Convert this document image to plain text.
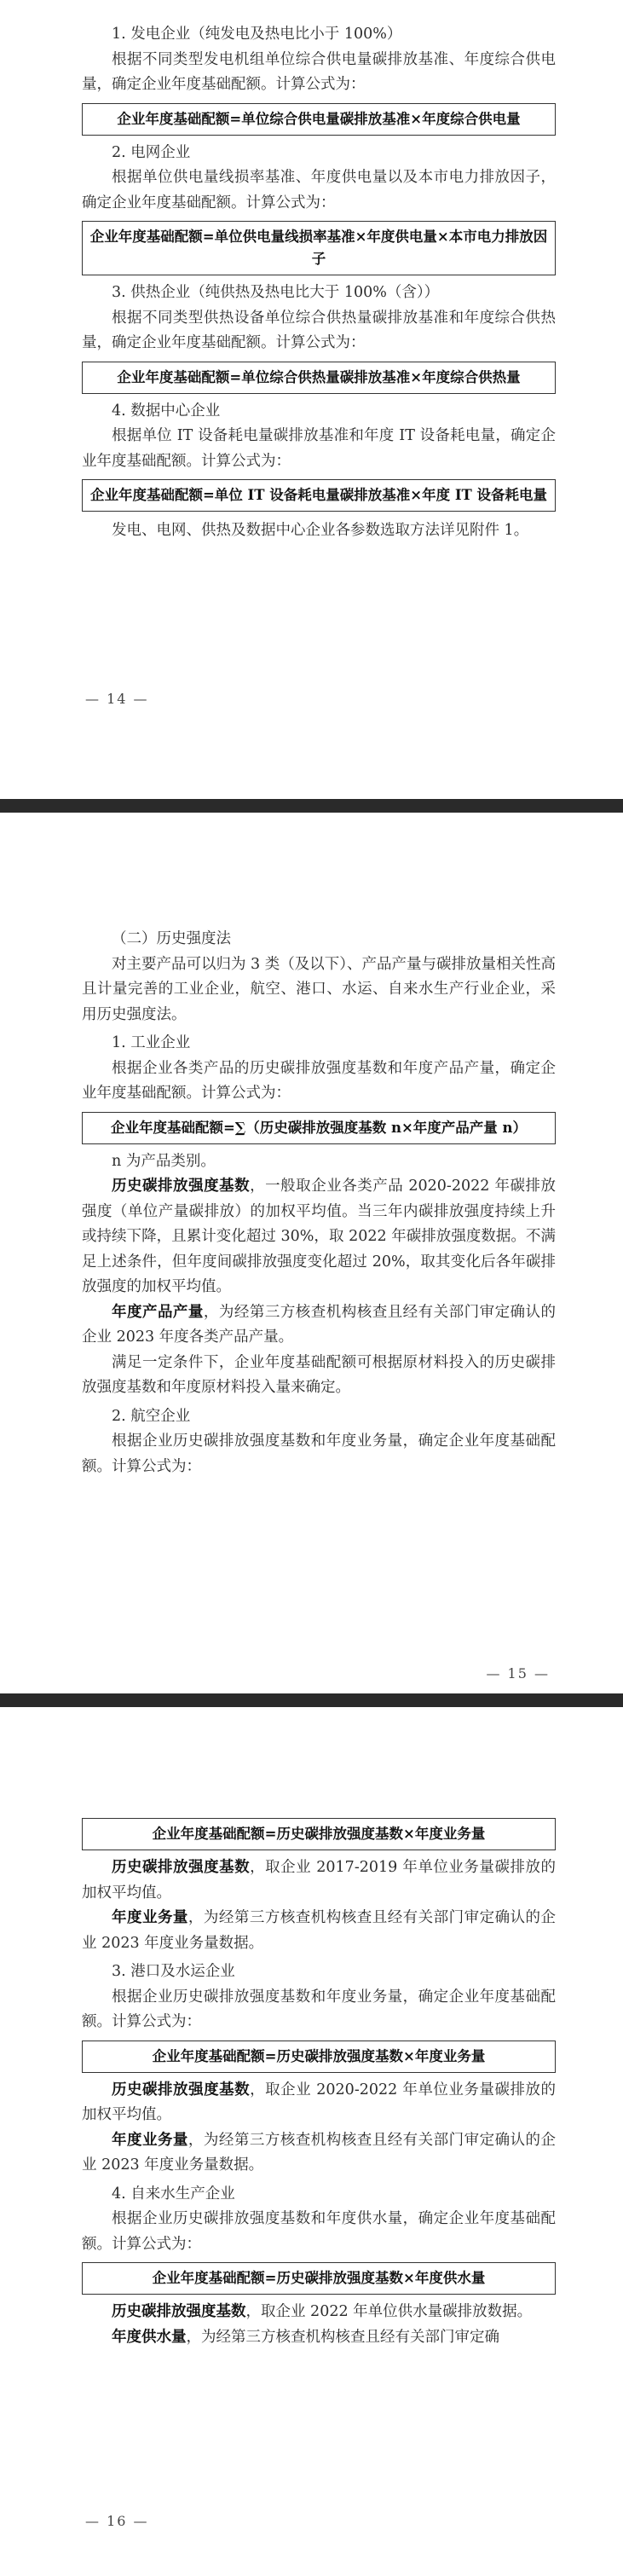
1. 发电企业（纯发电及热电比小于 100%）

根据不同类型发电机组单位综合供电量碳排放基准、年度综合供电量，确定企业年度基础配额。计算公式为：

企业年度基础配额=单位综合供电量碳排放基准×年度综合供电量

2. 电网企业

根据单位供电量线损率基准、年度供电量以及本市电力排放因子，确定企业年度基础配额。计算公式为：

企业年度基础配额=单位供电量线损率基准×年度供电量×本市电力排放因子

3. 供热企业（纯供热及热电比大于 100%（含））

根据不同类型供热设备单位综合供热量碳排放基准和年度综合供热量，确定企业年度基础配额。计算公式为：

企业年度基础配额=单位综合供热量碳排放基准×年度综合供热量

4. 数据中心企业

根据单位 IT 设备耗电量碳排放基准和年度 IT 设备耗电量，确定企业年度基础配额。计算公式为：

企业年度基础配额=单位 IT 设备耗电量碳排放基准×年度 IT 设备耗电量

发电、电网、供热及数据中心企业各参数选取方法详见附件 1。

— 14 —

（二）历史强度法

对主要产品可以归为 3 类（及以下）、产品产量与碳排放量相关性高且计量完善的工业企业，航空、港口、水运、自来水生产行业企业，采用历史强度法。

1. 工业企业

根据企业各类产品的历史碳排放强度基数和年度产品产量，确定企业年度基础配额。计算公式为：

企业年度基础配额=∑（历史碳排放强度基数 n×年度产品产量 n）

n 为产品类别。

历史碳排放强度基数，一般取企业各类产品 2020-2022 年碳排放强度（单位产量碳排放）的加权平均值。当三年内碳排放强度持续上升或持续下降，且累计变化超过 30%，取 2022 年碳排放强度数据。不满足上述条件，但年度间碳排放强度变化超过 20%，取其变化后各年碳排放强度的加权平均值。

年度产品产量，为经第三方核查机构核查且经有关部门审定确认的企业 2023 年度各类产品产量。

满足一定条件下，企业年度基础配额可根据原材料投入的历史碳排放强度基数和年度原材料投入量来确定。

2. 航空企业

根据企业历史碳排放强度基数和年度业务量，确定企业年度基础配额。计算公式为：

— 15 —
企业年度基础配额=历史碳排放强度基数×年度业务量

历史碳排放强度基数，取企业 2017-2019 年单位业务量碳排放的加权平均值。

年度业务量，为经第三方核查机构核查且经有关部门审定确认的企业 2023 年度业务量数据。

3. 港口及水运企业

根据企业历史碳排放强度基数和年度业务量，确定企业年度基础配额。计算公式为：

企业年度基础配额=历史碳排放强度基数×年度业务量

历史碳排放强度基数，取企业 2020-2022 年单位业务量碳排放的加权平均值。

年度业务量，为经第三方核查机构核查且经有关部门审定确认的企业 2023 年度业务量数据。

4. 自来水生产企业

根据企业历史碳排放强度基数和年度供水量，确定企业年度基础配额。计算公式为：

企业年度基础配额=历史碳排放强度基数×年度供水量

历史碳排放强度基数，取企业 2022 年单位供水量碳排放数据。

年度供水量，为经第三方核查机构核查且经有关部门审定确

— 16 —
